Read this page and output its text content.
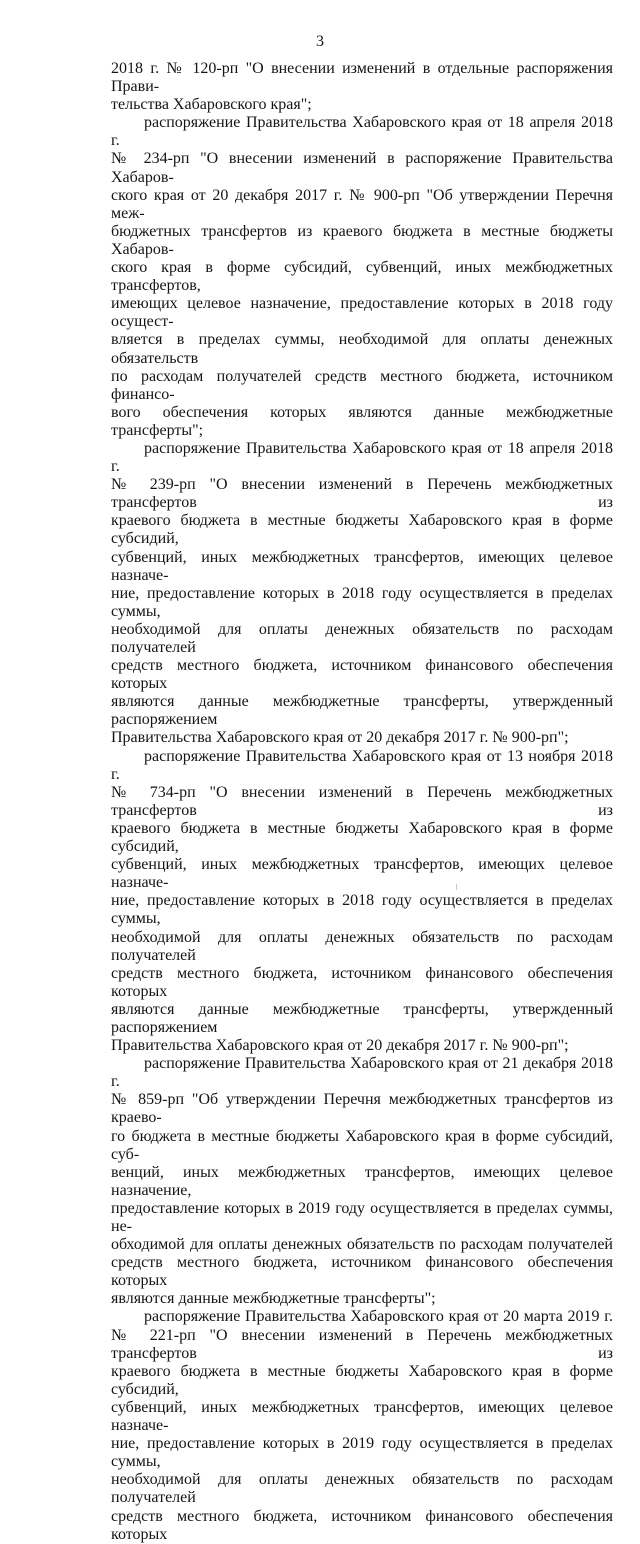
3

2018 г. № 120-рп "О внесении изменений в отдельные распоряжения Прави-
тельства Хабаровского края";

распоряжение Правительства Хабаровского края от 18 апреля 2018 г.
№ 234-рп "О внесении изменений в распоряжение Правительства Хабаров-
ского края от 20 декабря 2017 г. № 900-рп "Об утверждении Перечня меж-
бюджетных трансфертов из краевого бюджета в местные бюджеты Хабаров-
ского края в форме субсидий, субвенций, иных межбюджетных трансфертов,
имеющих целевое назначение, предоставление которых в 2018 году осущест-
вляется в пределах суммы, необходимой для оплаты денежных обязательств
по расходам получателей средств местного бюджета, источником финансо-
вого обеспечения которых являются данные межбюджетные трансферты";

распоряжение Правительства Хабаровского края от 18 апреля 2018 г.
№ 239-рп "О внесении изменений в Перечень межбюджетных трансфертов из
краевого бюджета в местные бюджеты Хабаровского края в форме субсидий,
субвенций, иных межбюджетных трансфертов, имеющих целевое назначе-
ние, предоставление которых в 2018 году осуществляется в пределах суммы,
необходимой для оплаты денежных обязательств по расходам получателей
средств местного бюджета, источником финансового обеспечения которых
являются данные межбюджетные трансферты, утвержденный распоряжением
Правительства Хабаровского края от 20 декабря 2017 г. № 900-рп";

распоряжение Правительства Хабаровского края от 13 ноября 2018 г.
№ 734-рп "О внесении изменений в Перечень межбюджетных трансфертов из
краевого бюджета в местные бюджеты Хабаровского края в форме субсидий,
субвенций, иных межбюджетных трансфертов, имеющих целевое назначе-
ние, предоставление которых в 2018 году осуществляется в пределах суммы,
необходимой для оплаты денежных обязательств по расходам получателей
средств местного бюджета, источником финансового обеспечения которых
являются данные межбюджетные трансферты, утвержденный распоряжением
Правительства Хабаровского края от 20 декабря 2017 г. № 900-рп";

распоряжение Правительства Хабаровского края от 21 декабря 2018 г.
№ 859-рп "Об утверждении Перечня межбюджетных трансфертов из краево-
го бюджета в местные бюджеты Хабаровского края в форме субсидий, суб-
венций, иных межбюджетных трансфертов, имеющих целевое назначение,
предоставление которых в 2019 году осуществляется в пределах суммы, не-
обходимой для оплаты денежных обязательств по расходам получателей
средств местного бюджета, источником финансового обеспечения которых
являются данные межбюджетные трансферты";

распоряжение Правительства Хабаровского края от 20 марта 2019 г.
№ 221-рп "О внесении изменений в Перечень межбюджетных трансфертов из
краевого бюджета в местные бюджеты Хабаровского края в форме субсидий,
субвенций, иных межбюджетных трансфертов, имеющих целевое назначе-
ние, предоставление которых в 2019 году осуществляется в пределах суммы,
необходимой для оплаты денежных обязательств по расходам получателей
средств местного бюджета, источником финансового обеспечения которых
